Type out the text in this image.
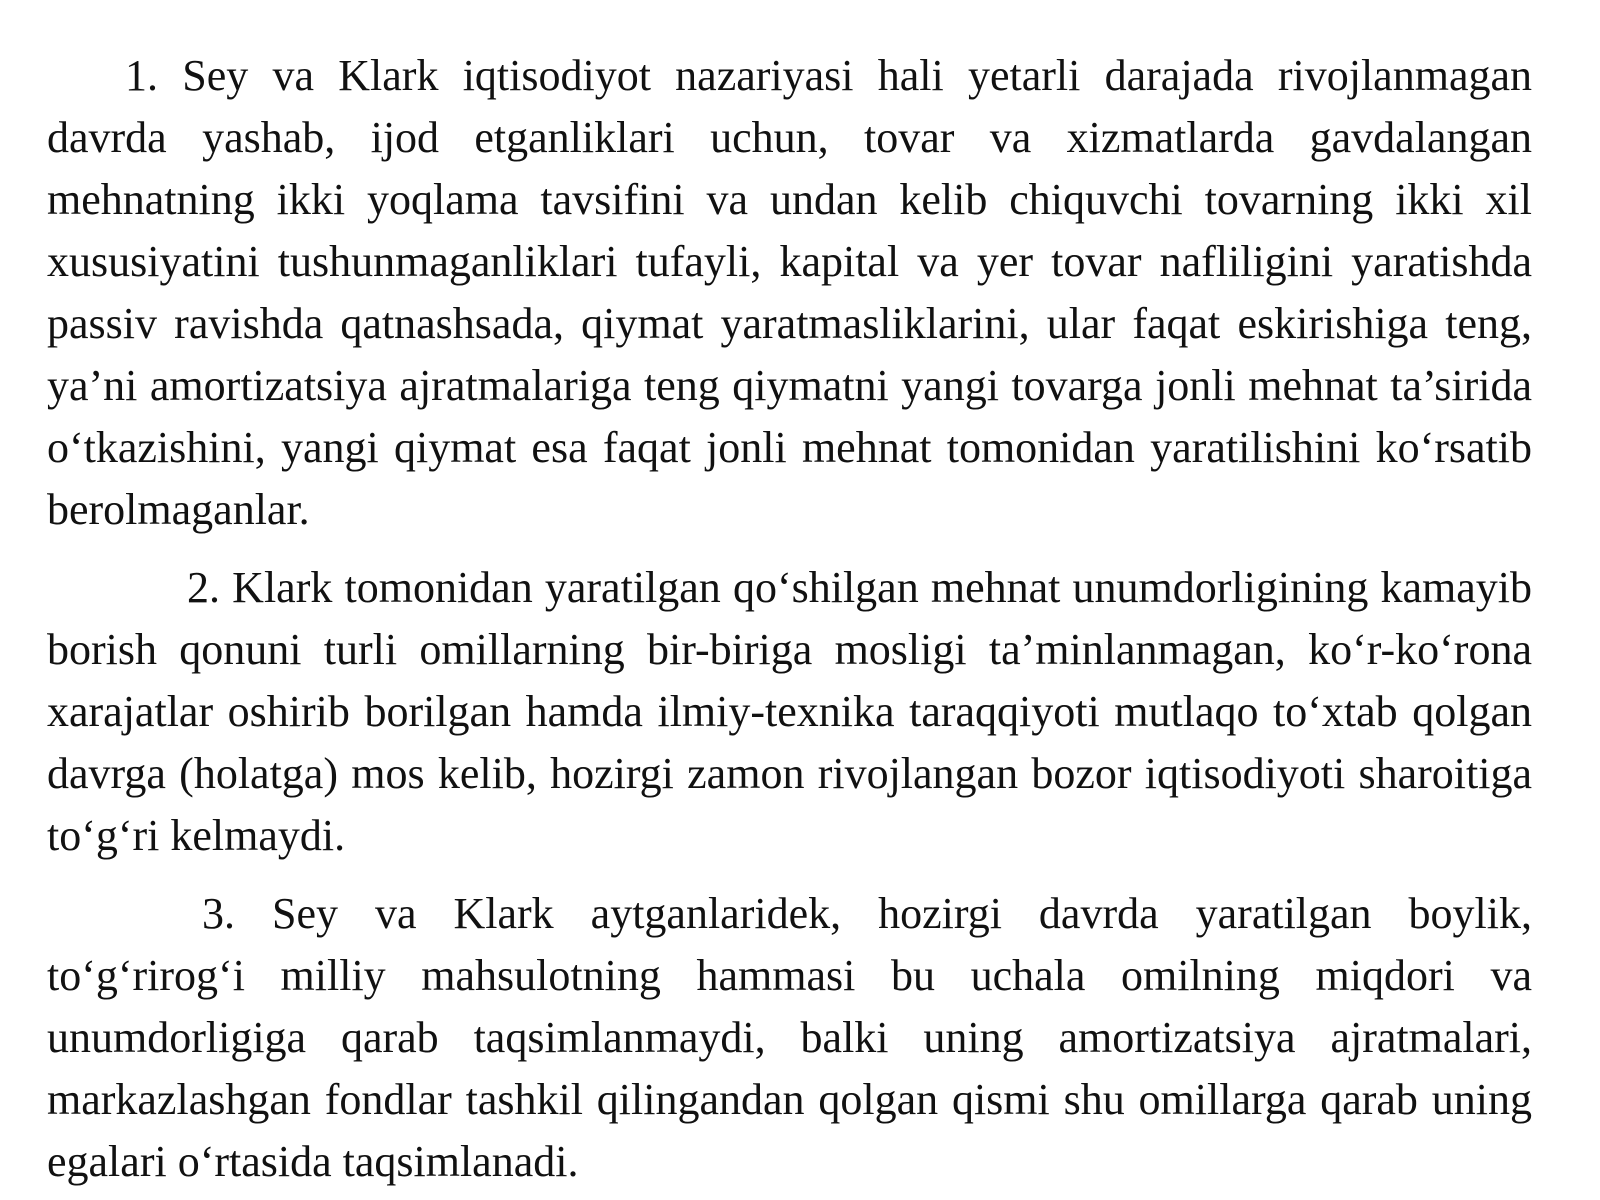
1. Sey va Klark iqtisodiyot nazariyasi hali yetarli darajada rivojlanmagan davrda yashab, ijod etganliklari uchun, tovar va xizmatlarda gavdalangan mehnatning ikki yoqlama tavsifini va undan kelib chiquvchi tovarning ikki xil xususiyatini tushunmaganliklari tufayli, kapital va yer tovar nafliligini yaratishda passiv ravishda qatnashsada, qiymat yaratmasliklarini, ular faqat eskirishiga teng, ya’ni amortizatsiya ajratmalariga teng qiymatni yangi tovarga jonli mehnat ta’sirida o‘tkazishini, yangi qiymat esa faqat jonli mehnat tomonidan yaratilishini ko‘rsatib berolmaganlar.

2. Klark tomonidan yaratilgan qo‘shilgan mehnat unumdorligining kamayib borish qonuni turli omillarning bir-biriga mosligi ta’minlanmagan, ko‘r-ko‘rona xarajatlar oshirib borilgan hamda ilmiy-texnika taraqqiyoti mutlaqo to‘xtab qolgan davrga (holatga) mos kelib, hozirgi zamon rivojlangan bozor iqtisodiyoti sharoitiga to‘g‘ri kelmaydi.

3. Sey va Klark aytganlaridek, hozirgi davrda yaratilgan boylik, to‘g‘rirog‘i milliy mahsulotning hammasi bu uchala omilning miqdori va unumdorligiga qarab taqsimlanmaydi, balki uning amortizatsiya ajratmalari, markazlashgan fondlar tashkil qilingandan qolgan qismi shu omillarga qarab uning egalari o‘rtasida taqsimlanadi.
